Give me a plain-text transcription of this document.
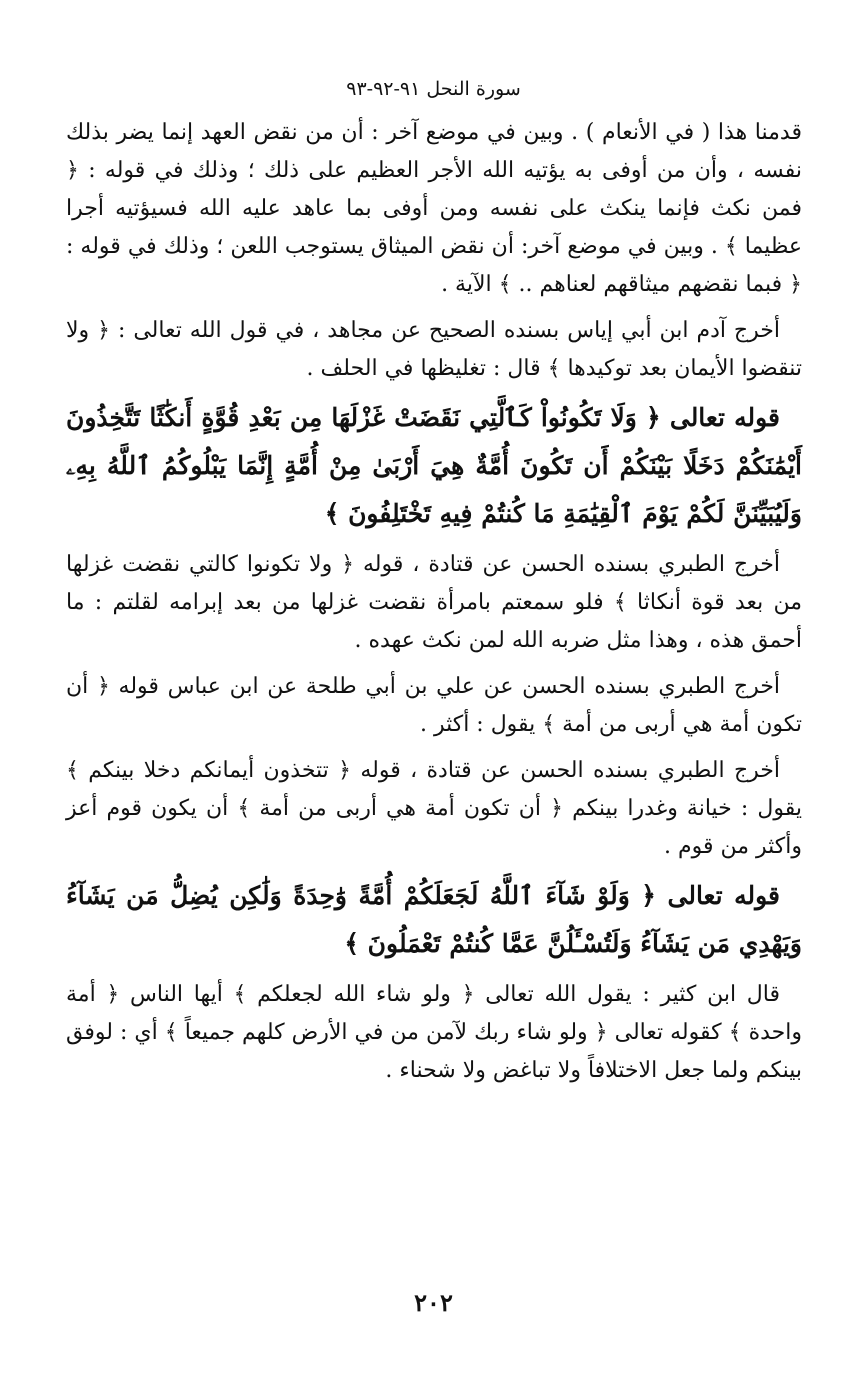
سورة النحل ٩١-٩٢-٩٣

قدمنا هذا ( في الأنعام ) . وبين في موضع آخر : أن من نقض العهد إنما يضر بذلك نفسه ، وأن من أوفى به يؤتيه الله الأجر العظيم على ذلك ؛ وذلك في قوله : ﴿ فمن نكث فإنما ينكث على نفسه ومن أوفى بما عاهد عليه الله فسيؤتيه أجرا عظيما ﴾ . وبين في موضع آخر: أن نقض الميثاق يستوجب اللعن ؛ وذلك في قوله : ﴿ فبما نقضهم ميثاقهم لعناهم .. ﴾ الآية .

أخرج آدم ابن أبي إياس بسنده الصحيح عن مجاهد ، في قول الله تعالى : ﴿ ولا تنقضوا الأيمان بعد توكيدها ﴾ قال : تغليظها في الحلف .

قوله تعالى ﴿ وَلَا تَكُونُواْ كَٱلَّتِي نَقَضَتْ غَزْلَهَا مِن بَعْدِ قُوَّةٍ أَنكَٰثًا تَتَّخِذُونَ أَيْمَٰنَكُمْ دَخَلًا بَيْنَكُمْ أَن تَكُونَ أُمَّةٌ هِيَ أَرْبَىٰ مِنْ أُمَّةٍ إِنَّمَا يَبْلُوكُمُ ٱللَّهُ بِهِۦ وَلَيُبَيِّنَنَّ لَكُمْ يَوْمَ ٱلْقِيَٰمَةِ مَا كُنتُمْ فِيهِ تَخْتَلِفُونَ ﴾

أخرج الطبري بسنده الحسن عن قتادة ، قوله ﴿ ولا تكونوا كالتي نقضت غزلها من بعد قوة أنكاثا ﴾ فلو سمعتم بامرأة نقضت غزلها من بعد إبرامه لقلتم : ما أحمق هذه ، وهذا مثل ضربه الله لمن نكث عهده .

أخرج الطبري بسنده الحسن عن علي بن أبي طلحة عن ابن عباس قوله ﴿ أن تكون أمة هي أربى من أمة ﴾ يقول : أكثر .

أخرج الطبري بسنده الحسن عن قتادة ، قوله ﴿ تتخذون أيمانكم دخلا بينكم ﴾ يقول : خيانة وغدرا بينكم ﴿ أن تكون أمة هي أربى من أمة ﴾ أن يكون قوم أعز وأكثر من قوم .

قوله تعالى ﴿ وَلَوْ شَآءَ ٱللَّهُ لَجَعَلَكُمْ أُمَّةً وَٰحِدَةً وَلَٰكِن يُضِلُّ مَن يَشَآءُ وَيَهْدِي مَن يَشَآءُ وَلَتُسْـَٔلُنَّ عَمَّا كُنتُمْ تَعْمَلُونَ ﴾

قال ابن كثير : يقول الله تعالى ﴿ ولو شاء الله لجعلكم ﴾ أيها الناس ﴿ أمة واحدة ﴾ كقوله تعالى ﴿ ولو شاء ربك لآمن من في الأرض كلهم جميعاً ﴾ أي : لوفق بينكم ولما جعل الاختلافاً ولا تباغض ولا شحناء .

٢٠٢
